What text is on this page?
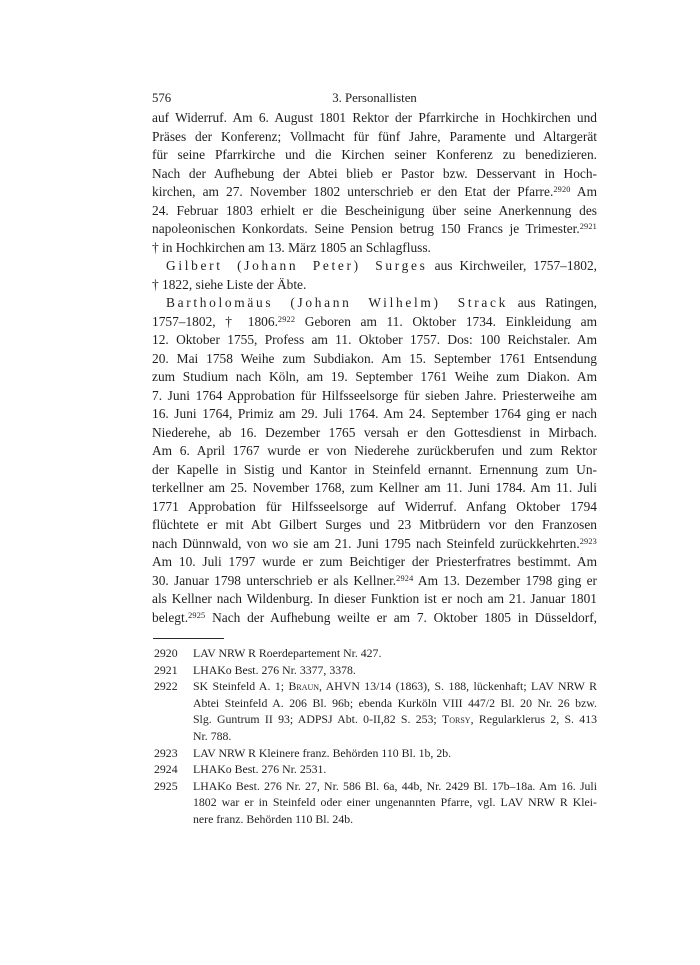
576	3. Personallisten
auf Widerruf. Am 6. August 1801 Rektor der Pfarrkirche in Hochkirchen und
Präses der Konferenz; Vollmacht für fünf Jahre, Paramente und Altargerät
für seine Pfarrkirche und die Kirchen seiner Konferenz zu benedizieren.
Nach der Aufhebung der Abtei blieb er Pastor bzw. Desservant in Hoch-
kirchen, am 27. November 1802 unterschrieb er den Etat der Pfarre.$^{2920}$ Am
24. Februar 1803 erhielt er die Bescheinigung über seine Anerkennung des
napoleonischen Konkordats. Seine Pension betrug 150 Francs je Trimester.$^{2921}$
† in Hochkirchen am 13. März 1805 an Schlagfluss.
Gilbert (Johann Peter) Surges aus Kirchweiler, 1757–1802,
† 1822, siehe Liste der Äbte.
Bartholomäus (Johann Wilhelm) Strack aus Ratingen,
1757–1802, † 1806.$^{2922}$ Geboren am 11. Oktober 1734. Einkleidung am
12. Oktober 1755, Profess am 11. Oktober 1757. Dos: 100 Reichstaler. Am
20. Mai 1758 Weihe zum Subdiakon. Am 15. September 1761 Entsendung
zum Studium nach Köln, am 19. September 1761 Weihe zum Diakon. Am
7. Juni 1764 Approbation für Hilfsseelsorge für sieben Jahre. Priesterweihe am
16. Juni 1764, Primiz am 29. Juli 1764. Am 24. September 1764 ging er nach
Niederehe, ab 16. Dezember 1765 versah er den Gottesdienst in Mirbach.
Am 6. April 1767 wurde er von Niederehe zurückberufen und zum Rektor
der Kapelle in Sistig und Kantor in Steinfeld ernannt. Ernennung zum Un-
terkellner am 25. November 1768, zum Kellner am 11. Juni 1784. Am 11. Juli
1771 Approbation für Hilfsseelsorge auf Widerruf. Anfang Oktober 1794
flüchtete er mit Abt Gilbert Surges und 23 Mitbrüdern vor den Franzosen
nach Dünnwald, von wo sie am 21. Juni 1795 nach Steinfeld zurückkehrten.$^{2923}$
Am 10. Juli 1797 wurde er zum Beichtiger der Priesterfratres bestimmt. Am
30. Januar 1798 unterschrieb er als Kellner.$^{2924}$ Am 13. Dezember 1798 ging er
als Kellner nach Wildenburg. In dieser Funktion ist er noch am 21. Januar 1801
belegt.$^{2925}$ Nach der Aufhebung weilte er am 7. Oktober 1805 in Düsseldorf,
2920	LAV NRW R Roerdepartement Nr. 427.
2921	LHAKo Best. 276 Nr. 3377, 3378.
2922	SK Steinfeld A. 1; Braun, AHVN 13/14 (1863), S. 188, lückenhaft; LAV NRW R
Abtei Steinfeld A. 206 Bl. 96b; ebenda Kurköln VIII 447/2 Bl. 20 Nr. 26 bzw.
Slg. Guntrum II 93; ADPSJ Abt. 0-II,82 S. 253; Torsy, Regularklerus 2, S. 413
Nr. 788.
2923	LAV NRW R Kleinere franz. Behörden 110 Bl. 1b, 2b.
2924	LHAKo Best. 276 Nr. 2531.
2925	LHAKo Best. 276 Nr. 27, Nr. 586 Bl. 6a, 44b, Nr. 2429 Bl. 17b–18a. Am 16. Juli
1802 war er in Steinfeld oder einer ungenannten Pfarre, vgl. LAV NRW R Klei-
nere franz. Behörden 110 Bl. 24b.
